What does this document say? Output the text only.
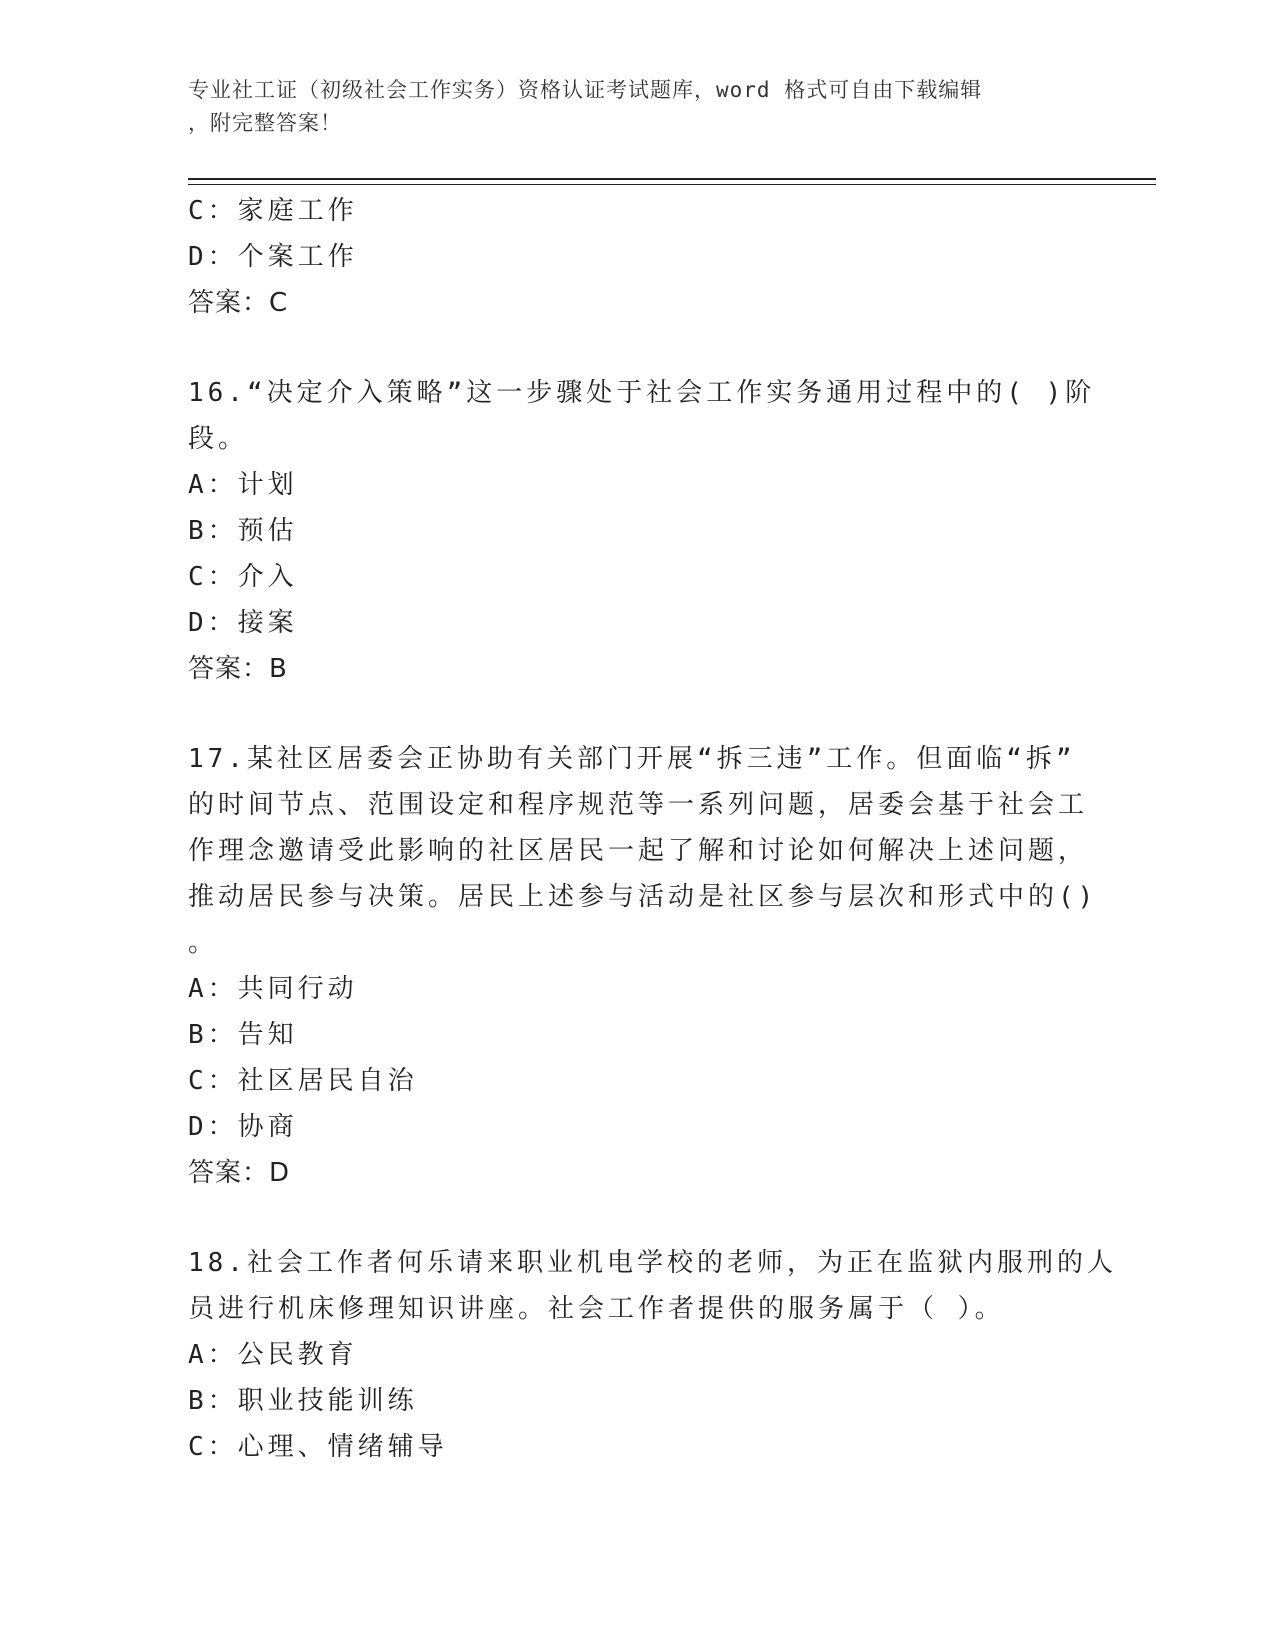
专业社工证（初级社会工作实务）资格认证考试题库，word 格式可自由下载编辑
，附完整答案！
C：家庭工作
D：个案工作
答案：C
16.“决定介入策略”这一步骤处于社会工作实务通用过程中的( )阶
段。
A：计划
B：预估
C：介入
D：接案
答案：B
17.某社区居委会正协助有关部门开展“拆三违”工作。但面临“拆”
的时间节点、范围设定和程序规范等一系列问题，居委会基于社会工
作理念邀请受此影响的社区居民一起了解和讨论如何解决上述问题，
推动居民参与决策。居民上述参与活动是社区参与层次和形式中的()
。
A：共同行动
B：告知
C：社区居民自治
D：协商
答案：D
18.社会工作者何乐请来职业机电学校的老师，为正在监狱内服刑的人
员进行机床修理知识讲座。社会工作者提供的服务属于（ ）。
A：公民教育
B：职业技能训练
C：心理、情绪辅导
